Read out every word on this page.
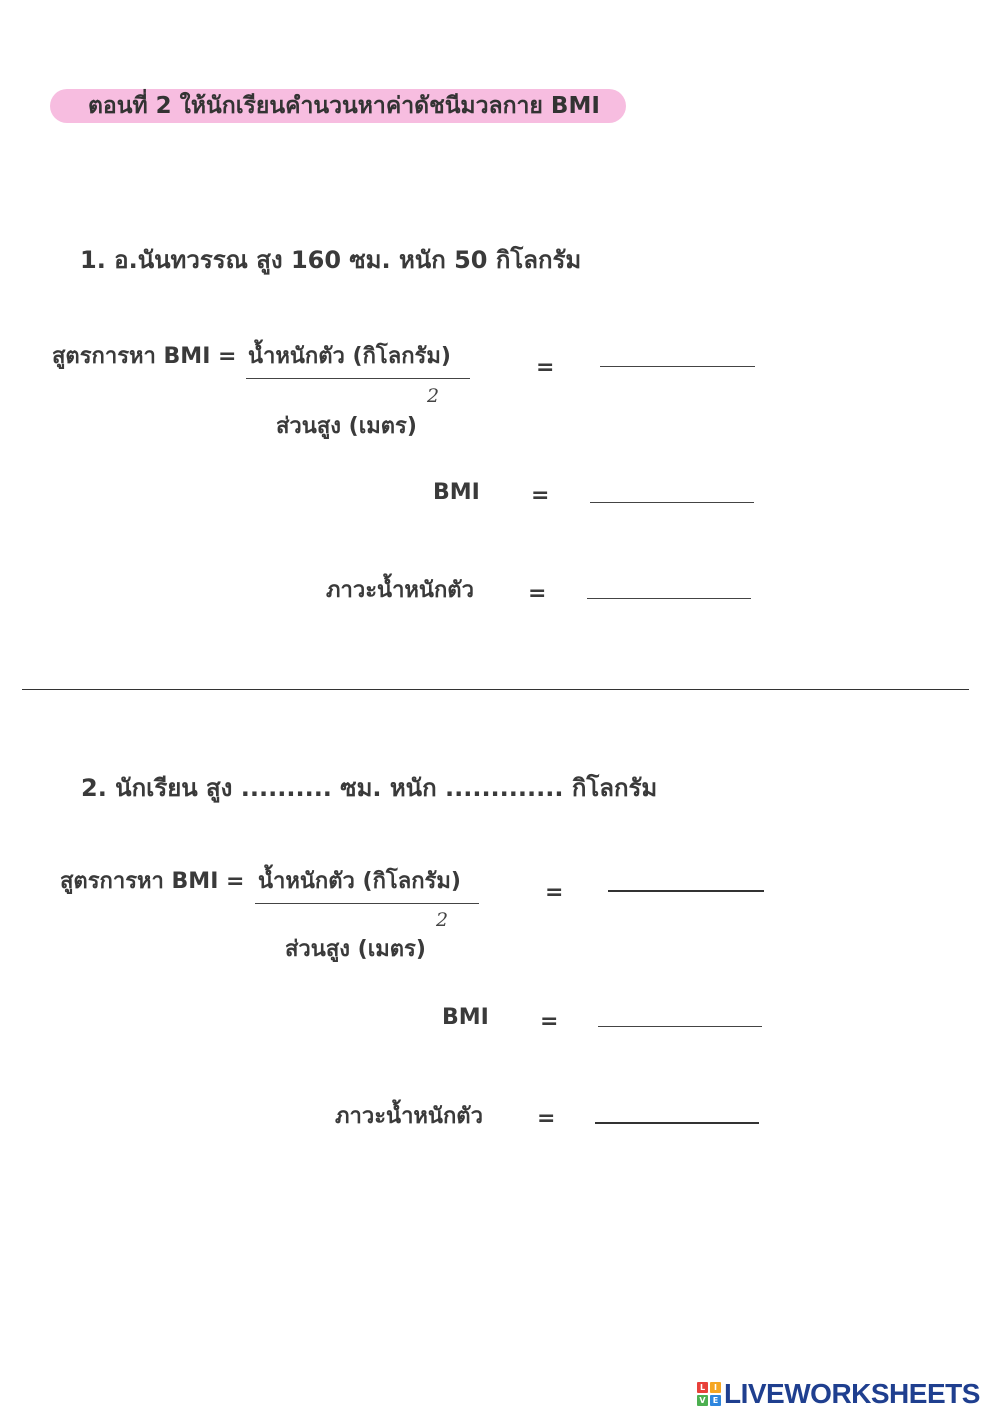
ตอนที่ 2 ให้นักเรียนคำนวนหาค่าดัชนีมวลกาย BMI
1. อ.นันทวรรณ สูง 160 ซม. หนัก 50 กิโลกรัม
สูตรการหา BMI = น้ำหนักตัว (กิโลกรัม)
2
ส่วนสูง (เมตร)
=
BMI =
ภาวะน้ำหนักตัว =
2. นักเรียน สูง .......... ซม. หนัก ............. กิโลกรัม
สูตรการหา BMI = น้ำหนักตัว (กิโลกรัม)
2
ส่วนสูง (เมตร)
=
BMI =
ภาวะน้ำหนักตัว =
L	I
V E LIVEWORKSHEETS
